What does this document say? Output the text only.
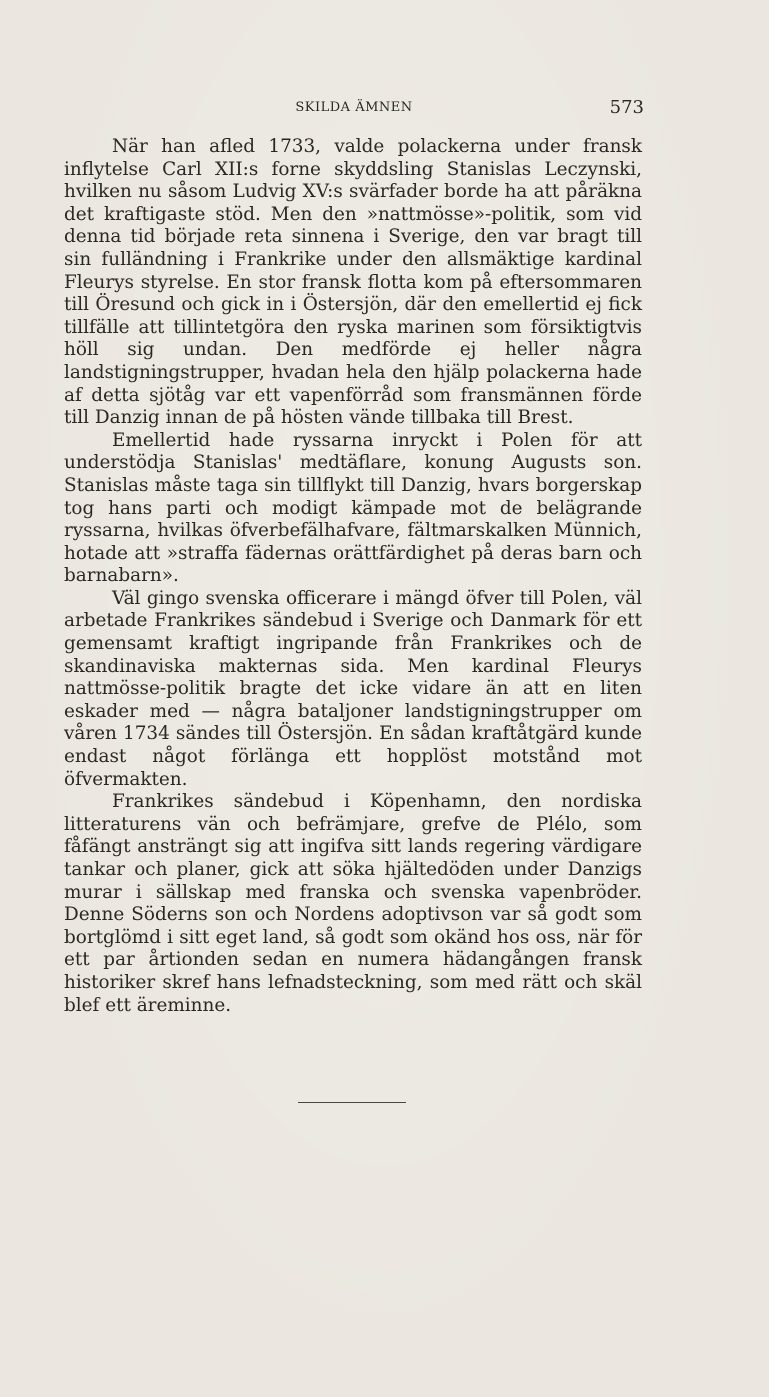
SKILDA ÄMNEN	573

När han afled 1733, valde polackerna under fransk inflytelse Carl XII:s forne skyddsling Stanislas Leczynski, hvilken nu såsom Ludvig XV:s svärfader borde ha att påräkna det kraftigaste stöd. Men den »nattmösse»-politik, som vid denna tid började reta sinnena i Sverige, den var bragt till sin fulländning i Frankrike under den allsmäktige kardinal Fleurys styrelse. En stor fransk flotta kom på eftersommaren till Öresund och gick in i Östersjön, där den emellertid ej fick tillfälle att tillintetgöra den ryska marinen som försiktigtvis höll sig undan. Den medförde ej heller några landstigningstrupper, hvadan hela den hjälp polackerna hade af detta sjötåg var ett vapenförråd som fransmännen förde till Danzig innan de på hösten vände tillbaka till Brest.

Emellertid hade ryssarna inryckt i Polen för att understödja Stanislas' medtäflare, konung Augusts son. Stanislas måste taga sin tillflykt till Danzig, hvars borgerskap tog hans parti och modigt kämpade mot de belägrande ryssarna, hvilkas öfverbefälhafvare, fältmarskalken Münnich, hotade att »straffa fädernas orättfärdighet på deras barn och barnabarn».

Väl gingo svenska officerare i mängd öfver till Polen, väl arbetade Frankrikes sändebud i Sverige och Danmark för ett gemensamt kraftigt ingripande från Frankrikes och de skandinaviska makternas sida. Men kardinal Fleurys nattmösse-politik bragte det icke vidare än att en liten eskader med — några bataljoner landstigningstrupper om våren 1734 sändes till Östersjön. En sådan kraftåtgärd kunde endast något förlänga ett hopplöst motstånd mot öfvermakten.

Frankrikes sändebud i Köpenhamn, den nordiska litteraturens vän och befrämjare, grefve de Plélo, som fåfängt ansträngt sig att ingifva sitt lands regering värdigare tankar och planer, gick att söka hjältedöden under Danzigs murar i sällskap med franska och svenska vapenbröder. Denne Söderns son och Nordens adoptivson var så godt som bortglömd i sitt eget land, så godt som okänd hos oss, när för ett par årtionden sedan en numera hädangången fransk historiker skref hans lefnadsteckning, som med rätt och skäl blef ett äreminne.
